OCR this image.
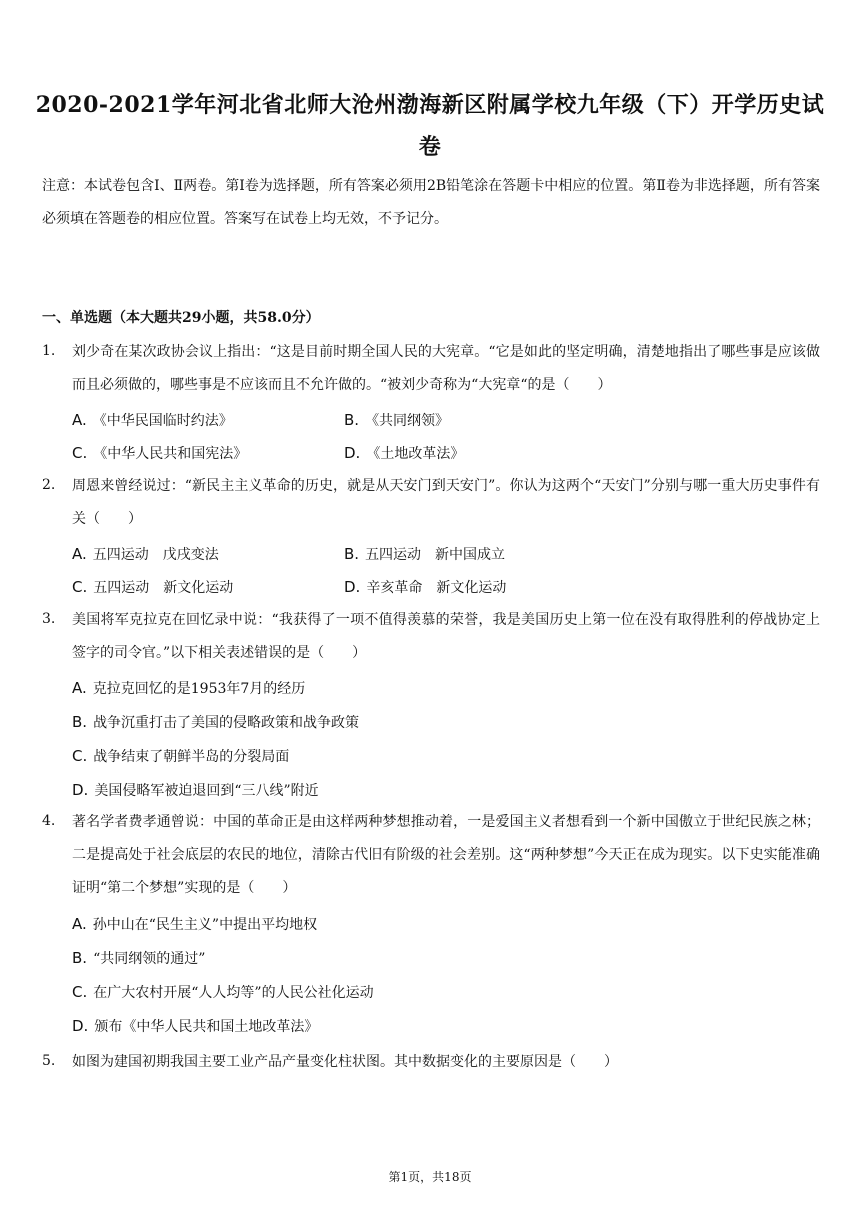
2020-2021学年河北省北师大沧州渤海新区附属学校九年级（下）开学历史试
卷
注意：本试卷包含Ⅰ、Ⅱ两卷。第Ⅰ卷为选择题，所有答案必须用2B铅笔涂在答题卡中相应的位置。第Ⅱ卷为非选择题，所有答案必须填在答题卷的相应位置。答案写在试卷上均无效，不予记分。
一、单选题（本大题共29小题，共58.0分）
1. 刘少奇在某次政协会议上指出：“这是目前时期全国人民的大宪章。“它是如此的坚定明确，清楚地指出了哪些事是应该做而且必须做的，哪些事是不应该而且不允许做的。“被刘少奇称为“大宪章“的是（　　）
A. 《中华民国临时约法》	B. 《共同纲领》
C. 《中华人民共和国宪法》	D. 《土地改革法》
2. 周恩来曾经说过：“新民主主义革命的历史，就是从天安门到天安门”。你认为这两个“天安门”分别与哪一重大历史事件有关（　　）
A. 五四运动　戊戌变法	B. 五四运动　新中国成立
C. 五四运动　新文化运动	D. 辛亥革命　新文化运动
3. 美国将军克拉克在回忆录中说：“我获得了一项不值得羡慕的荣誉，我是美国历史上第一位在没有取得胜利的停战协定上签字的司令官。”以下相关表述错误的是（　　）
A. 克拉克回忆的是1953年7月的经历
B. 战争沉重打击了美国的侵略政策和战争政策
C. 战争结束了朝鲜半岛的分裂局面
D. 美国侵略军被迫退回到“三八线”附近
4. 著名学者费孝通曾说：中国的革命正是由这样两种梦想推动着，一是爱国主义者想看到一个新中国傲立于世纪民族之林；二是提高处于社会底层的农民的地位，清除古代旧有阶级的社会差别。这“两种梦想”今天正在成为现实。以下史实能准确证明“第二个梦想”实现的是（　　）
A. 孙中山在“民生主义”中提出平均地权
B. “共同纲领的通过”
C. 在广大农村开展“人人均等”的人民公社化运动
D. 颁布《中华人民共和国土地改革法》
5. 如图为建国初期我国主要工业产品产量变化柱状图。其中数据变化的主要原因是（　　）
第1页，共18页
